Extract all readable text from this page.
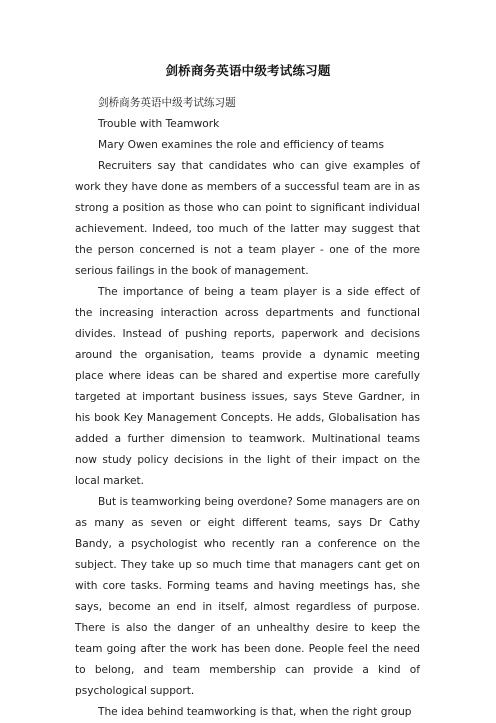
剑桥商务英语中级考试练习题

剑桥商务英语中级考试练习题

Trouble with Teamwork

Mary Owen examines the role and efficiency of teams

Recruiters say that candidates who can give examples of work they have done as members of a successful team are in as strong a position as those who can point to significant individual achievement. Indeed, too much of the latter may suggest that the person concerned is not a team player - one of the more serious failings in the book of management.

The importance of being a team player is a side effect of the increasing interaction across departments and functional divides. Instead of pushing reports, paperwork and decisions around the organisation, teams provide a dynamic meeting place where ideas can be shared and expertise more carefully targeted at important business issues, says Steve Gardner, in his book Key Management Concepts. He adds, Globalisation has added a further dimension to teamwork. Multinational teams now study policy decisions in the light of their impact on the local market.

But is teamworking being overdone? Some managers are on as many as seven or eight different teams, says Dr Cathy Bandy, a psychologist who recently ran a conference on the subject. They take up so much time that managers cant get on with core tasks. Forming teams and having meetings has, she says, become an end in itself, almost regardless of purpose. There is also the danger of an unhealthy desire to keep the team going after the work has been done. People feel the need to belong, and team membership can provide a kind of psychological support.

The idea behind teamworking is that, when the right group
